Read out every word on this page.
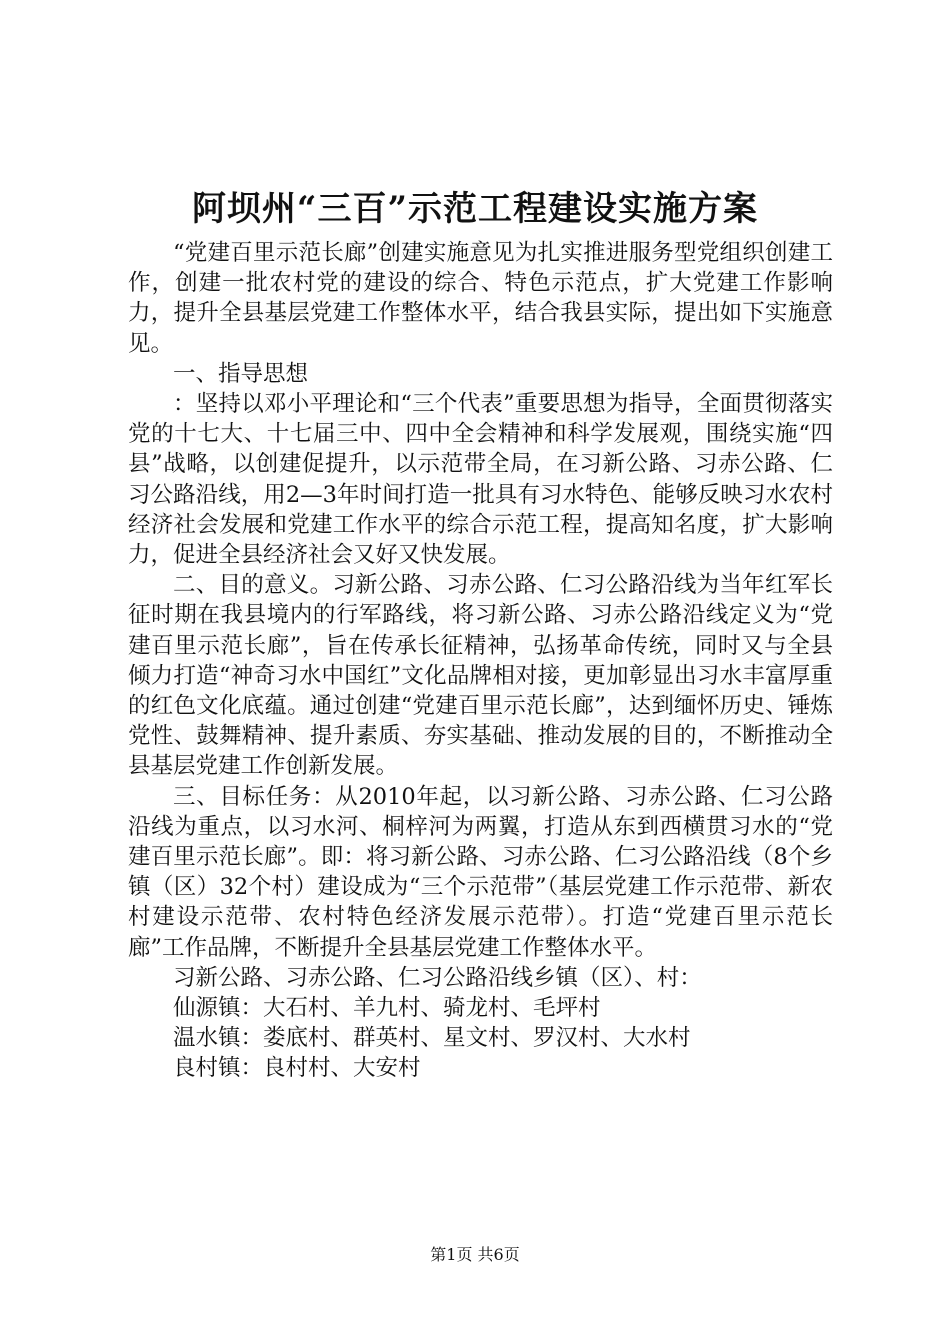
阿坝州“三百”示范工程建设实施方案

“党建百里示范长廊”创建实施意见为扎实推进服务型党组织创建工作，创建一批农村党的建设的综合、特色示范点，扩大党建工作影响力，提升全县基层党建工作整体水平，结合我县实际，提出如下实施意见。

一、指导思想

：坚持以邓小平理论和“三个代表”重要思想为指导，全面贯彻落实党的十七大、十七届三中、四中全会精神和科学发展观，围绕实施“四县”战略，以创建促提升，以示范带全局，在习新公路、习赤公路、仁习公路沿线，用2—3年时间打造一批具有习水特色、能够反映习水农村经济社会发展和党建工作水平的综合示范工程，提高知名度，扩大影响力，促进全县经济社会又好又快发展。

二、目的意义。习新公路、习赤公路、仁习公路沿线为当年红军长征时期在我县境内的行军路线，将习新公路、习赤公路沿线定义为“党建百里示范长廊”，旨在传承长征精神，弘扬革命传统，同时又与全县倾力打造“神奇习水中国红”文化品牌相对接，更加彰显出习水丰富厚重的红色文化底蕴。通过创建“党建百里示范长廊”，达到缅怀历史、锤炼党性、鼓舞精神、提升素质、夯实基础、推动发展的目的，不断推动全县基层党建工作创新发展。

三、目标任务：从2010年起，以习新公路、习赤公路、仁习公路沿线为重点，以习水河、桐梓河为两翼，打造从东到西横贯习水的“党建百里示范长廊”。即：将习新公路、习赤公路、仁习公路沿线（8个乡镇（区）32个村）建设成为“三个示范带”（基层党建工作示范带、新农村建设示范带、农村特色经济发展示范带）。打造“党建百里示范长廊”工作品牌，不断提升全县基层党建工作整体水平。

习新公路、习赤公路、仁习公路沿线乡镇（区）、村：

仙源镇：大石村、羊九村、骑龙村、毛坪村

温水镇：娄底村、群英村、星文村、罗汉村、大水村

良村镇：良村村、大安村

第1页 共6页
